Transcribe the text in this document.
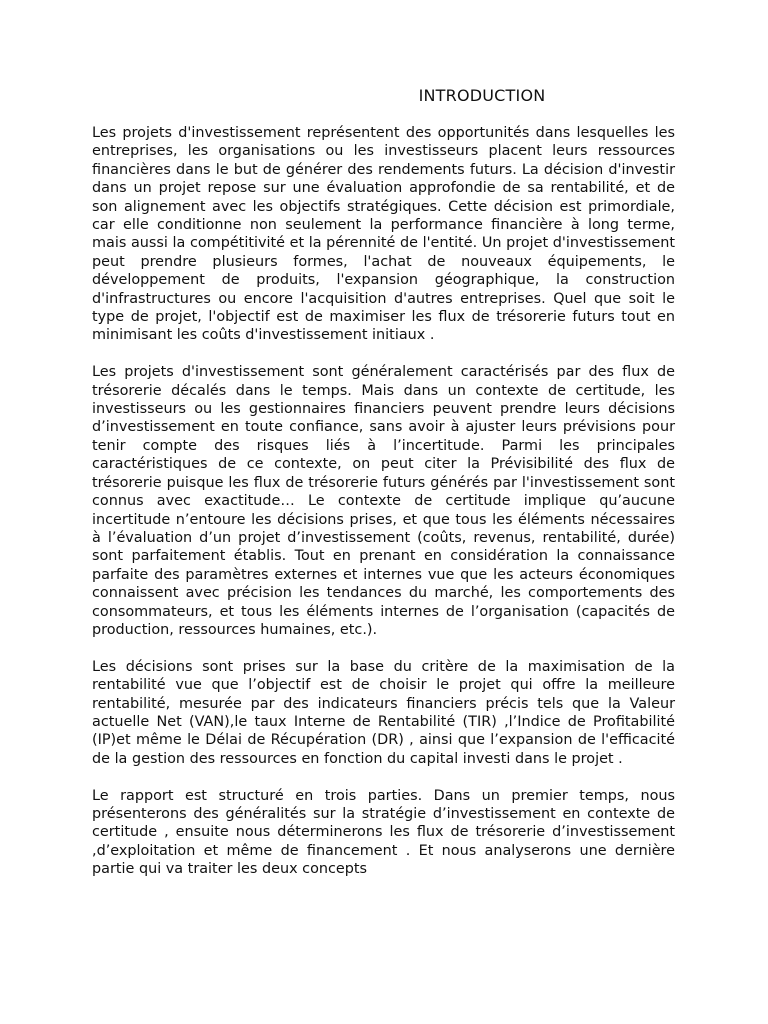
INTRODUCTION

Les projets d'investissement représentent des opportunités dans lesquelles les entreprises, les organisations ou les investisseurs placent leurs ressources financières dans le but de générer des rendements futurs. La décision d'investir dans un projet repose sur une évaluation approfondie de sa rentabilité, et de son alignement avec les objectifs stratégiques. Cette décision est primordiale, car elle conditionne non seulement la performance financière à long terme, mais aussi la compétitivité et la pérennité de l'entité. Un projet d'investissement peut prendre plusieurs formes, l'achat de nouveaux équipements, le développement de produits, l'expansion géographique, la construction d'infrastructures ou encore l'acquisition d'autres entreprises. Quel que soit le type de projet, l'objectif est de maximiser les flux de trésorerie futurs tout en minimisant les coûts d'investissement initiaux .

Les projets d'investissement sont généralement caractérisés par des flux de trésorerie décalés dans le temps. Mais dans un contexte de certitude, les investisseurs ou les gestionnaires financiers peuvent prendre leurs décisions d’investissement en toute confiance, sans avoir à ajuster leurs prévisions pour tenir compte des risques liés à l’incertitude. Parmi les principales caractéristiques de ce contexte, on peut citer la Prévisibilité des flux de trésorerie puisque les flux de trésorerie futurs générés par l'investissement sont connus avec exactitude… Le contexte de certitude implique qu’aucune incertitude n’entoure les décisions prises, et que tous les éléments nécessaires à l’évaluation d’un projet d’investissement (coûts, revenus, rentabilité, durée) sont parfaitement établis. Tout en prenant en considération la connaissance parfaite des paramètres externes et internes vue que les acteurs économiques connaissent avec précision les tendances du marché, les comportements des consommateurs, et tous les éléments internes de l’organisation (capacités de production, ressources humaines, etc.).

Les décisions sont prises sur la base du critère de la maximisation de la rentabilité vue que l’objectif est de choisir le projet qui offre la meilleure rentabilité, mesurée par des indicateurs financiers précis tels que la Valeur actuelle Net (VAN),le taux Interne de Rentabilité (TIR) ,l’Indice de Profitabilité (IP)et même le Délai de Récupération (DR) , ainsi que l’expansion de l'efficacité de la gestion des ressources en fonction du capital investi dans le projet .

Le rapport est structuré en trois parties. Dans un premier temps, nous présenterons des généralités sur la stratégie d’investissement en contexte de certitude , ensuite nous déterminerons les flux de trésorerie d’investissement ,d’exploitation et même de financement . Et nous analyserons une dernière partie qui va traiter les deux concepts
